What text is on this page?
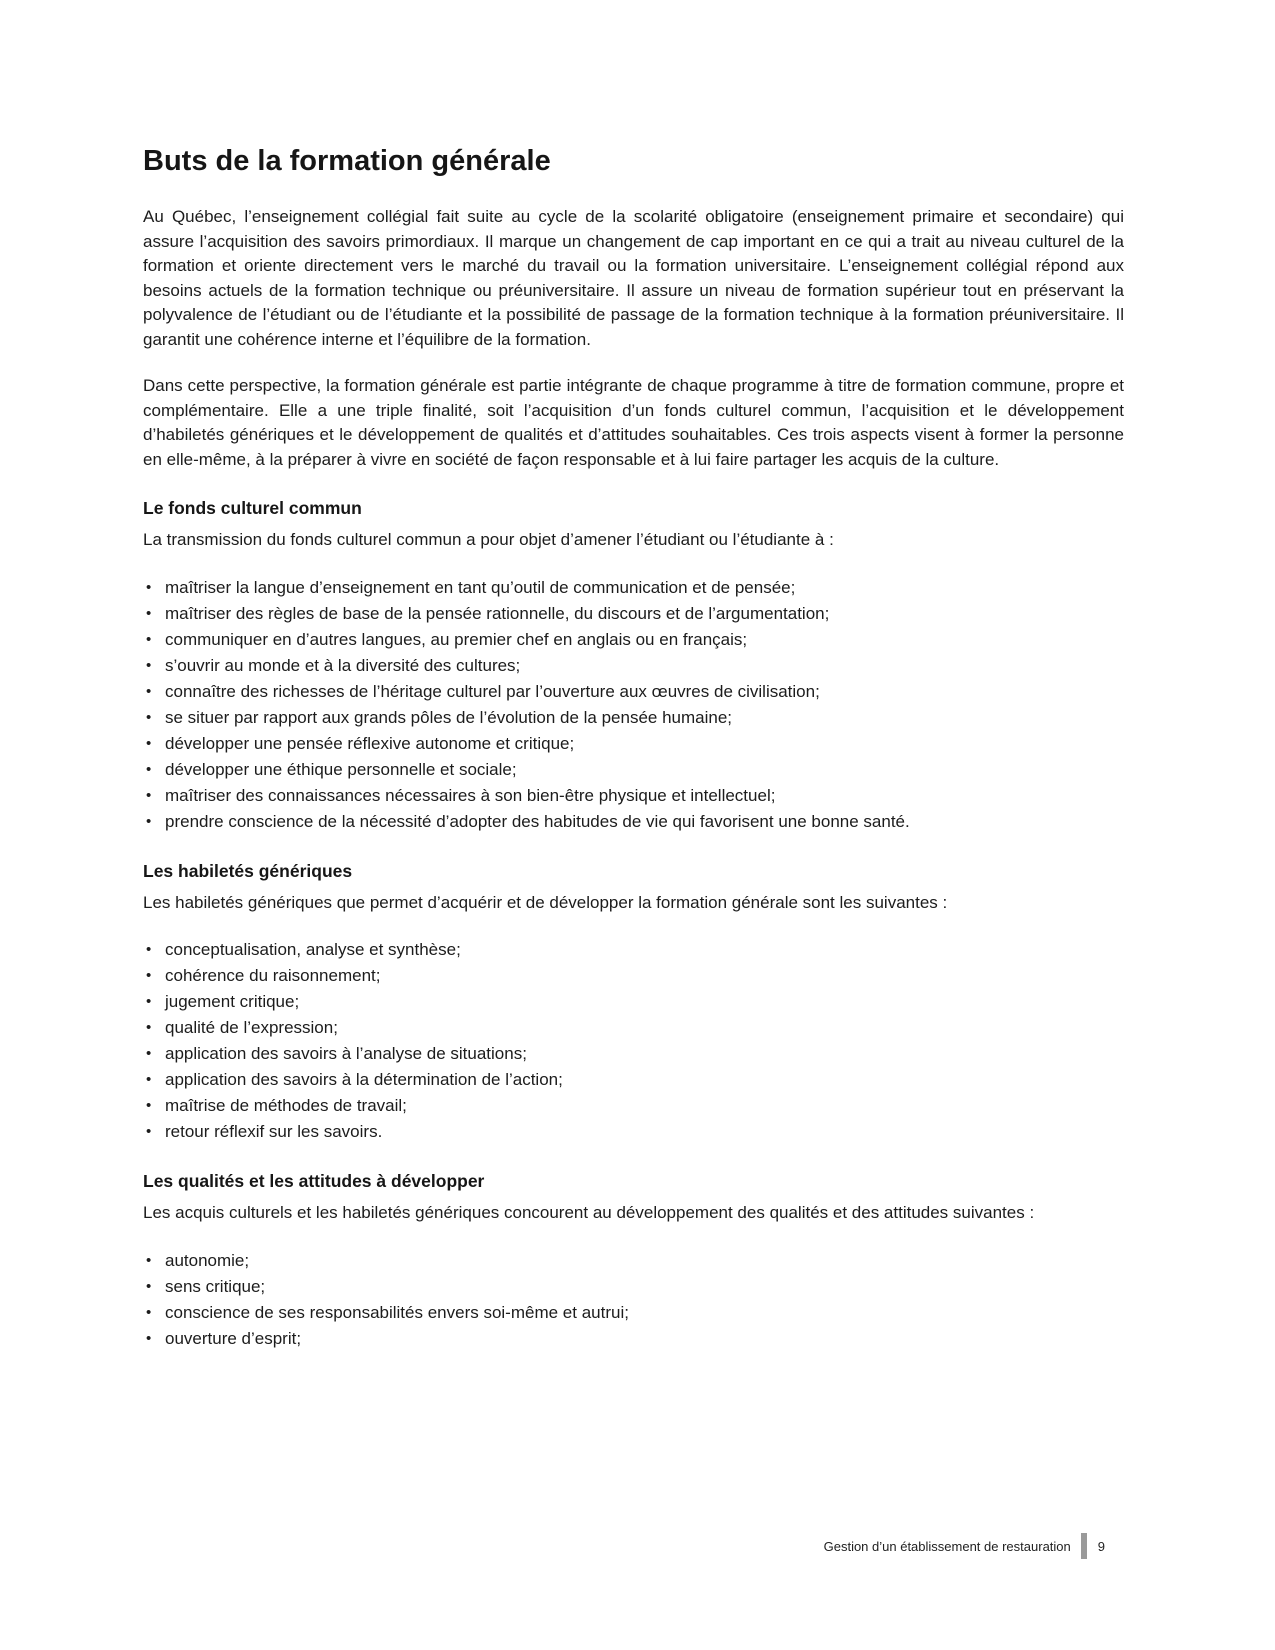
Buts de la formation générale

Au Québec, l’enseignement collégial fait suite au cycle de la scolarité obligatoire (enseignement primaire et secondaire) qui assure l’acquisition des savoirs primordiaux. Il marque un changement de cap important en ce qui a trait au niveau culturel de la formation et oriente directement vers le marché du travail ou la formation universitaire. L’enseignement collégial répond aux besoins actuels de la formation technique ou préuniversitaire. Il assure un niveau de formation supérieur tout en préservant la polyvalence de l’étudiant ou de l’étudiante et la possibilité de passage de la formation technique à la formation préuniversitaire. Il garantit une cohérence interne et l’équilibre de la formation.

Dans cette perspective, la formation générale est partie intégrante de chaque programme à titre de formation commune, propre et complémentaire. Elle a une triple finalité, soit l’acquisition d’un fonds culturel commun, l’acquisition et le développement d’habiletés génériques et le développement de qualités et d’attitudes souhaitables. Ces trois aspects visent à former la personne en elle-même, à la préparer à vivre en société de façon responsable et à lui faire partager les acquis de la culture.

Le fonds culturel commun

La transmission du fonds culturel commun a pour objet d’amener l’étudiant ou l’étudiante à :

• maîtriser la langue d’enseignement en tant qu’outil de communication et de pensée;
• maîtriser des règles de base de la pensée rationnelle, du discours et de l’argumentation;
• communiquer en d’autres langues, au premier chef en anglais ou en français;
• s’ouvrir au monde et à la diversité des cultures;
• connaître des richesses de l’héritage culturel par l’ouverture aux œuvres de civilisation;
• se situer par rapport aux grands pôles de l’évolution de la pensée humaine;
• développer une pensée réflexive autonome et critique;
• développer une éthique personnelle et sociale;
• maîtriser des connaissances nécessaires à son bien-être physique et intellectuel;
• prendre conscience de la nécessité d’adopter des habitudes de vie qui favorisent une bonne santé.
Les habiletés génériques

Les habiletés génériques que permet d’acquérir et de développer la formation générale sont les suivantes :

• conceptualisation, analyse et synthèse;
• cohérence du raisonnement;
• jugement critique;
• qualité de l’expression;
• application des savoirs à l’analyse de situations;
• application des savoirs à la détermination de l’action;
• maîtrise de méthodes de travail;
• retour réflexif sur les savoirs.
Les qualités et les attitudes à développer

Les acquis culturels et les habiletés génériques concourent au développement des qualités et des attitudes suivantes :

• autonomie;
• sens critique;
• conscience de ses responsabilités envers soi-même et autrui;
• ouverture d’esprit;
Gestion d’un établissement de restauration 9
